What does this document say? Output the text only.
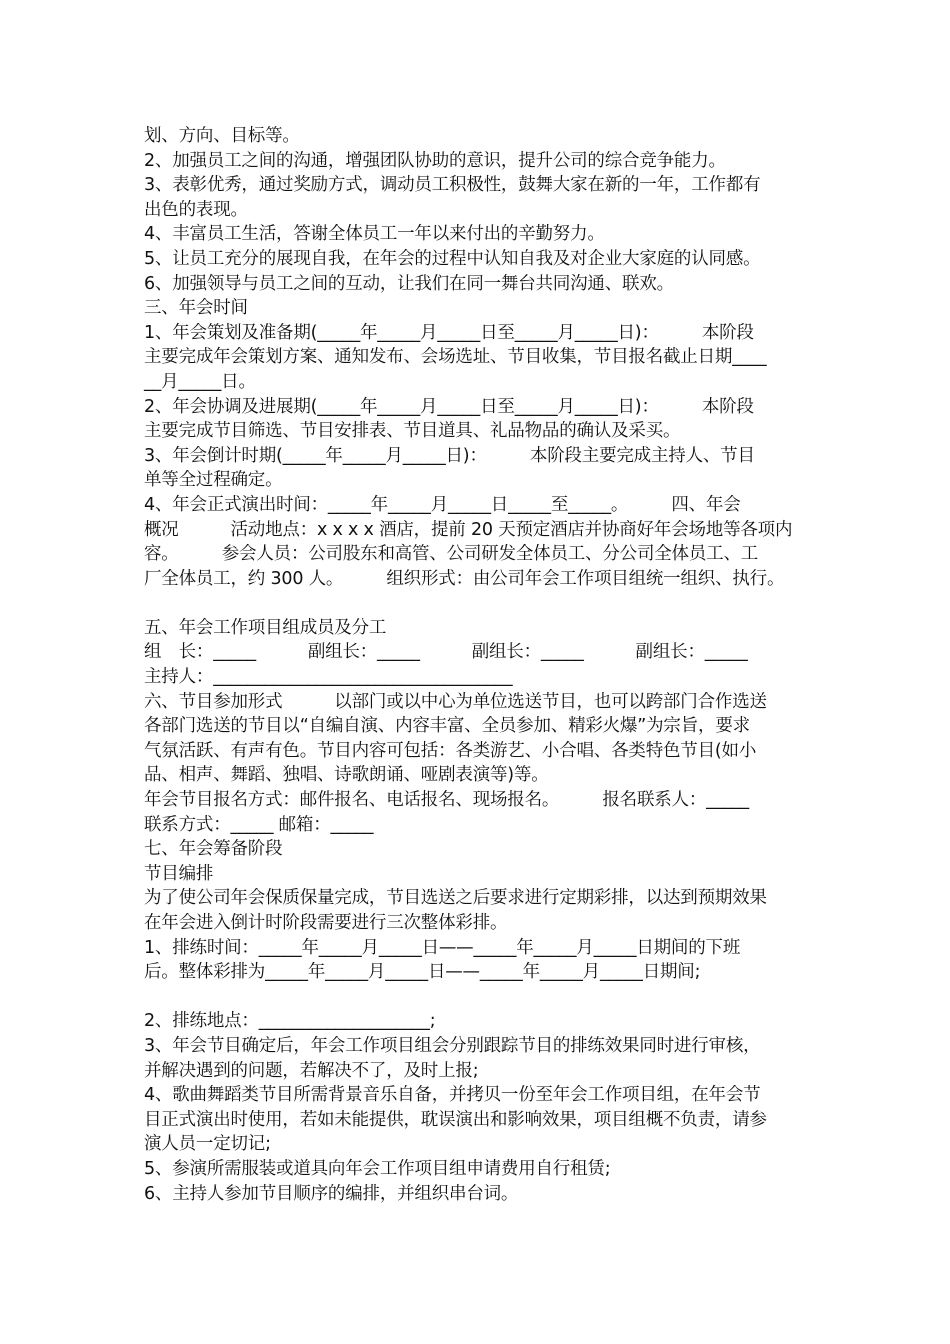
划、方向、目标等。
2、加强员工之间的沟通，增强团队协助的意识，提升公司的综合竞争能力。
3、表彰优秀，通过奖励方式，调动员工积极性，鼓舞大家在新的一年，工作都有
出色的表现。
4、丰富员工生活，答谢全体员工一年以来付出的辛勤努力。
5、让员工充分的展现自我，在年会的过程中认知自我及对企业大家庭的认同感。
6、加强领导与员工之间的互动，让我们在同一舞台共同沟通、联欢。
三、年会时间
1、年会策划及准备期(_____年_____月_____日至_____月_____日)：　　　本阶段
主要完成年会策划方案、通知发布、会场选址、节目收集，节目报名截止日期____
__月_____日。
2、年会协调及进展期(_____年_____月_____日至_____月_____日)：　　　本阶段
主要完成节目筛选、节目安排表、节目道具、礼品物品的确认及采买。
3、年会倒计时期(_____年_____月_____日)：　　　本阶段主要完成主持人、节目
单等全过程确定。
4、年会正式演出时间：_____年_____月_____日_____至_____。　　　四、年会
概况　　　活动地点：x x x x 酒店，提前 20 天预定酒店并协商好年会场地等各项内
容。　　　参会人员：公司股东和高管、公司研发全体员工、分公司全体员工、工
厂全体员工，约 300 人。　　　组织形式：由公司年会工作项目组统一组织、执行。
五、年会工作项目组成员及分工
组　长：_____　　　副组长：_____　　　副组长：_____　　　副组长：_____
主持人：___________________________________
六、节目参加形式　　　以部门或以中心为单位选送节目，也可以跨部门合作选送
各部门选送的节目以“自编自演、内容丰富、全员参加、精彩火爆”为宗旨，要求
气氛活跃、有声有色。节目内容可包括：各类游艺、小合唱、各类特色节目(如小
品、相声、舞蹈、独唱、诗歌朗诵、哑剧表演等)等。
年会节目报名方式：邮件报名、电话报名、现场报名。　　　报名联系人：_____
联系方式：_____ 邮箱：_____
七、年会筹备阶段
节目编排
为了使公司年会保质保量完成，节目选送之后要求进行定期彩排，以达到预期效果
在年会进入倒计时阶段需要进行三次整体彩排。
1、排练时间：_____年_____月_____日——_____年_____月_____日期间的下班
后。整体彩排为_____年_____月_____日——_____年_____月_____日期间;
2、排练地点：____________________;
3、年会节目确定后，年会工作项目组会分别跟踪节目的排练效果同时进行审核，
并解决遇到的问题，若解决不了，及时上报;
4、歌曲舞蹈类节目所需背景音乐自备，并拷贝一份至年会工作项目组，在年会节
目正式演出时使用，若如未能提供，耽误演出和影响效果，项目组概不负责，请参
演人员一定切记;
5、参演所需服装或道具向年会工作项目组申请费用自行租赁;
6、主持人参加节目顺序的编排，并组织串台词。
